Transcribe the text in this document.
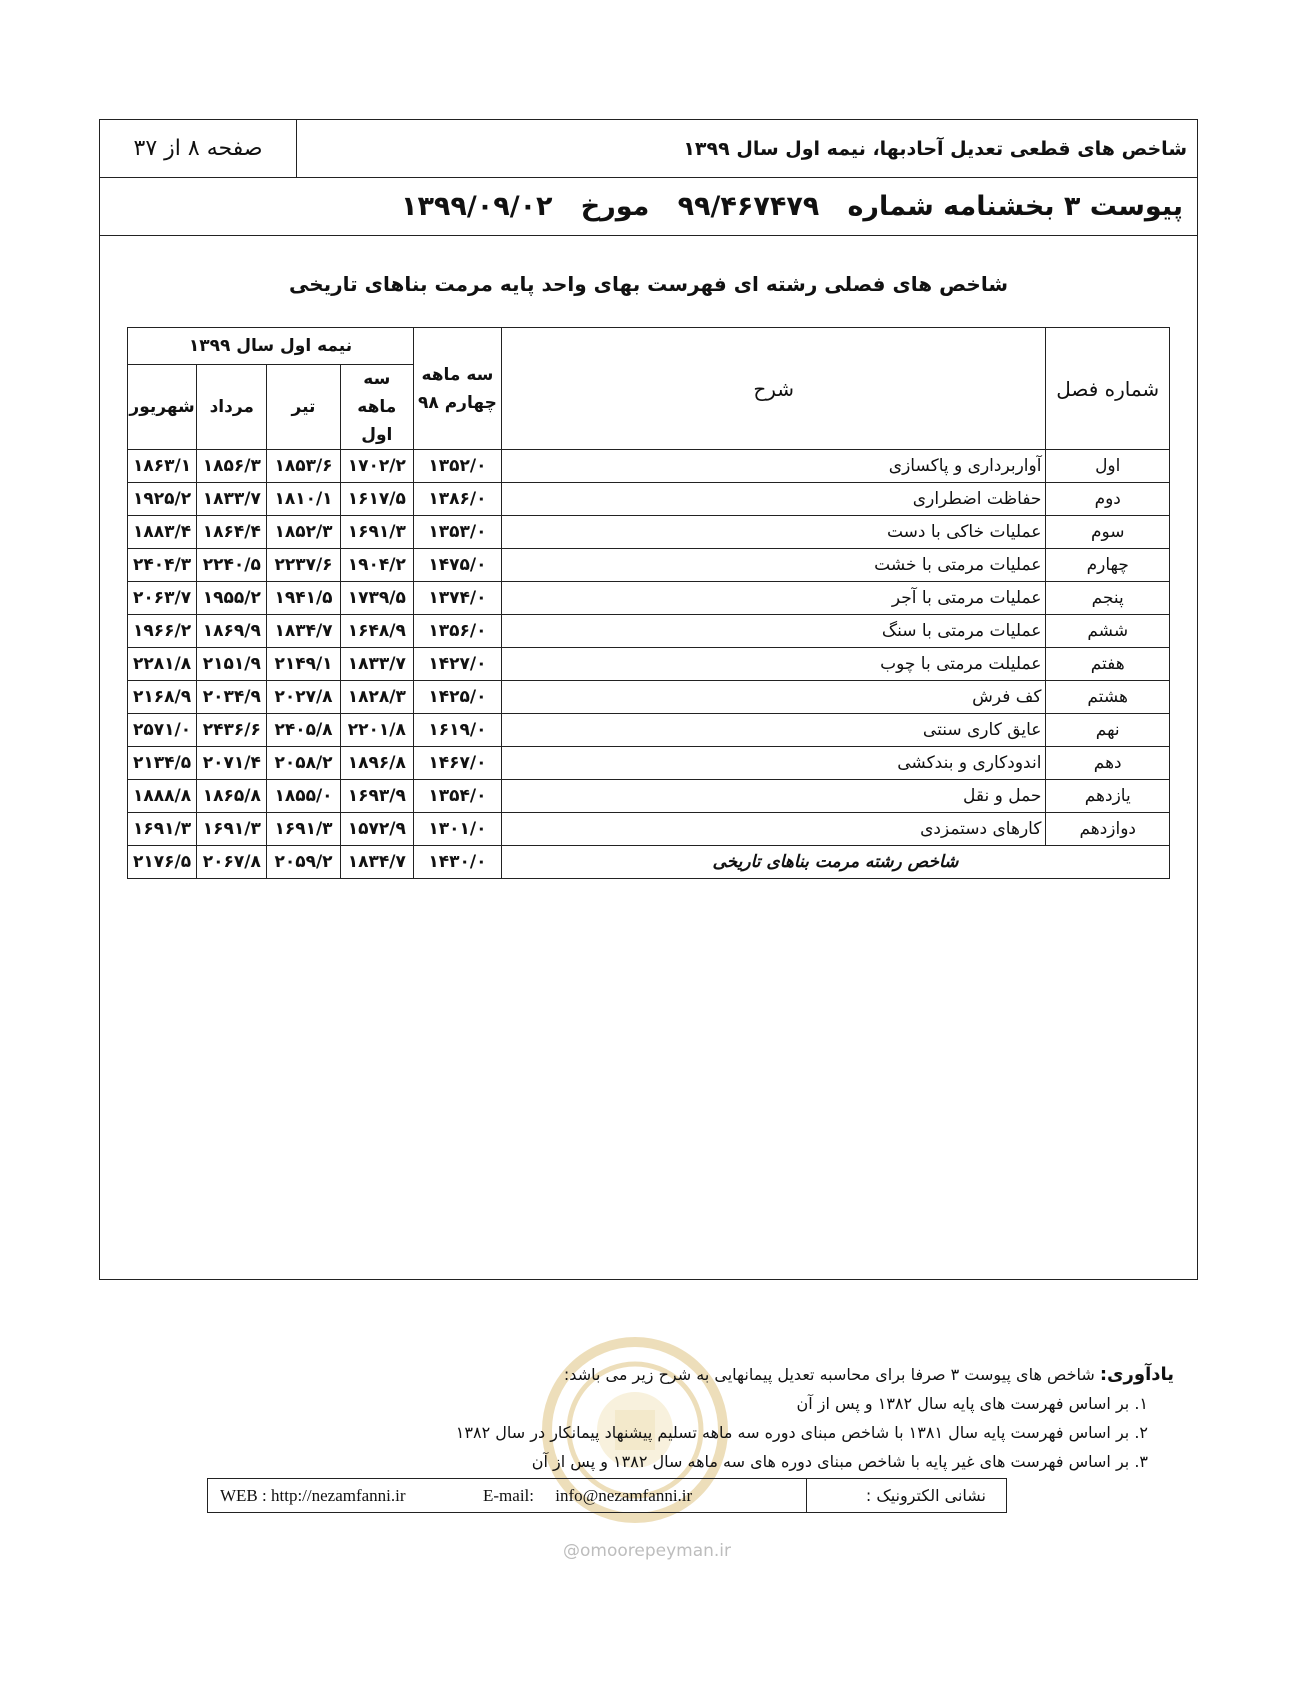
صفحه ۸ از ۳۷	شاخص های قطعی تعدیل آحادبها، نیمه اول سال ۱۳۹۹
پیوست ۳ بخشنامه شماره   ۹۹/۴۶۷۴۷۹   مورخ   ۱۳۹۹/۰۹/۰۲
شاخص های فصلی رشته ای فهرست بهای واحد پایه مرمت بناهای تاریخی
شماره فصل	شرح	سه ماهه چهارم ۹۸	نیمه اول سال ۱۳۹۹			
			سه ماهه اول	تیر	مرداد	شهریور
اول	آواربرداری و پاکسازی	۱۳۵۲/۰	۱۷۰۲/۲	۱۸۵۳/۶	۱۸۵۶/۳	۱۸۶۳/۱
دوم	حفاظت اضطراری	۱۳۸۶/۰	۱۶۱۷/۵	۱۸۱۰/۱	۱۸۳۳/۷	۱۹۲۵/۲
سوم	عملیات خاکی با دست	۱۳۵۳/۰	۱۶۹۱/۳	۱۸۵۲/۳	۱۸۶۴/۴	۱۸۸۳/۴
چهارم	عملیات مرمتی با خشت	۱۴۷۵/۰	۱۹۰۴/۲	۲۲۳۷/۶	۲۲۴۰/۵	۲۴۰۴/۳
پنجم	عملیات مرمتی با آجر	۱۳۷۴/۰	۱۷۳۹/۵	۱۹۴۱/۵	۱۹۵۵/۲	۲۰۶۳/۷
ششم	عملیات مرمتی با سنگ	۱۳۵۶/۰	۱۶۴۸/۹	۱۸۳۴/۷	۱۸۶۹/۹	۱۹۶۶/۲
هفتم	عملیلت مرمتی با چوب	۱۴۲۷/۰	۱۸۳۳/۷	۲۱۴۹/۱	۲۱۵۱/۹	۲۲۸۱/۸
هشتم	کف فرش	۱۴۲۵/۰	۱۸۲۸/۳	۲۰۲۷/۸	۲۰۳۴/۹	۲۱۶۸/۹
نهم	عایق کاری سنتی	۱۶۱۹/۰	۲۲۰۱/۸	۲۴۰۵/۸	۲۴۳۶/۶	۲۵۷۱/۰
دهم	اندودکاری و بندکشی	۱۴۶۷/۰	۱۸۹۶/۸	۲۰۵۸/۲	۲۰۷۱/۴	۲۱۳۴/۵
یازدهم	حمل و نقل	۱۳۵۴/۰	۱۶۹۳/۹	۱۸۵۵/۰	۱۸۶۵/۸	۱۸۸۸/۸
دوازدهم	کارهای دستمزدی	۱۳۰۱/۰	۱۵۷۲/۹	۱۶۹۱/۳	۱۶۹۱/۳	۱۶۹۱/۳
شاخص رشته مرمت بناهای تاریخی		۱۴۳۰/۰	۱۸۳۴/۷	۲۰۵۹/۲	۲۰۶۷/۸	۲۱۷۶/۵
یادآوری: شاخص های پیوست ۳ صرفا برای محاسبه تعدیل پیمانهایی به شرح زیر می باشد:
۱. بر اساس فهرست های پایه سال ۱۳۸۲ و پس از آن
۲. بر اساس فهرست پایه سال ۱۳۸۱ با شاخص مبنای دوره سه ماهه تسلیم پیشنهاد پیمانکار در سال ۱۳۸۲
۳. بر اساس فهرست های غیر پایه با شاخص مبنای دوره های سه ماهه سال ۱۳۸۲ و پس از آن
نشانی الکترونیک :
WEB : http://nezamfanni.ir	E-mail:     info@nezamfanni.ir
@omoorepeyman.ir
